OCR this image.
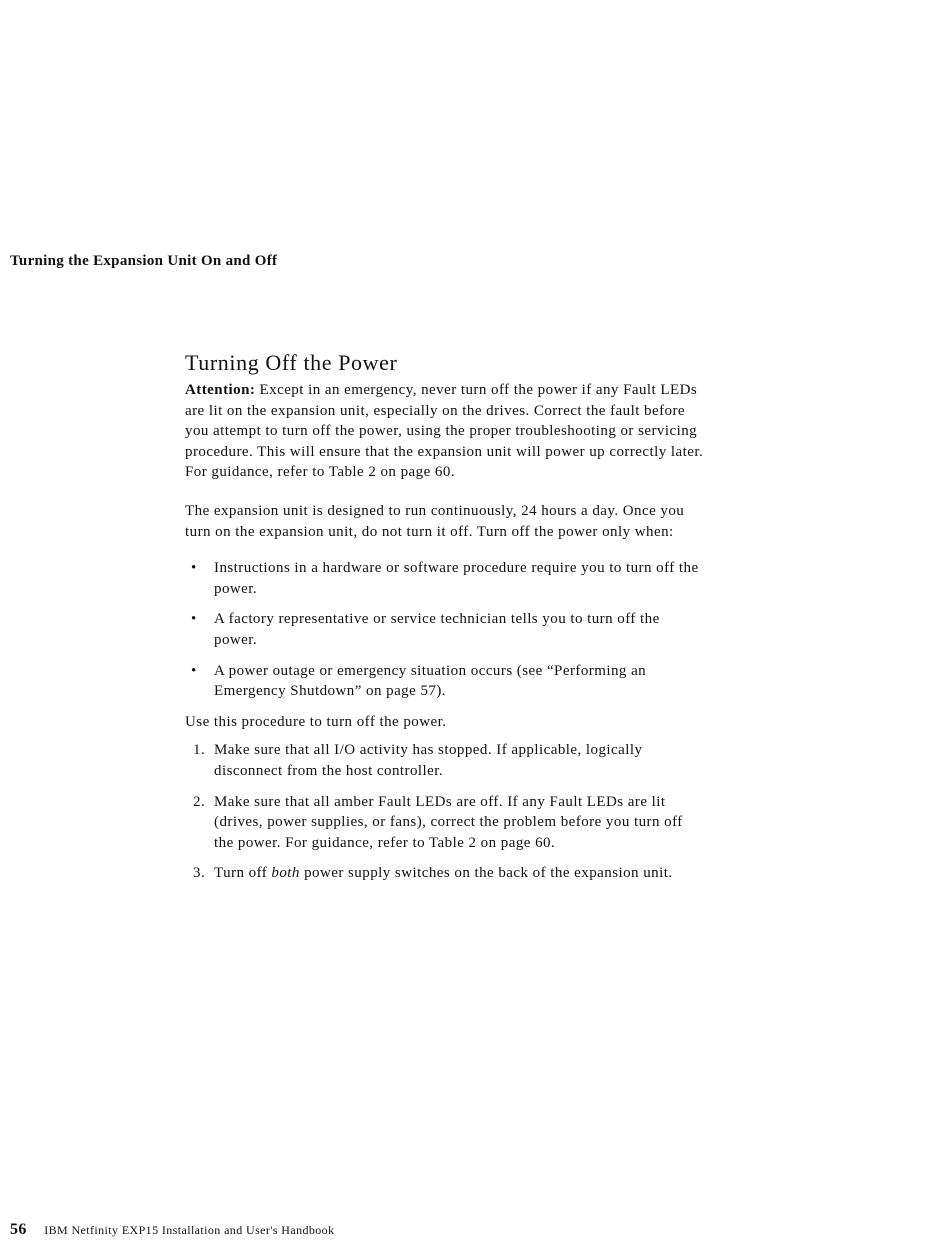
Turning the Expansion Unit On and Off
Turning Off the Power

Attention: Except in an emergency, never turn off the power if any Fault LEDs are lit on the expansion unit, especially on the drives. Correct the fault before you attempt to turn off the power, using the proper troubleshooting or servicing procedure. This will ensure that the expansion unit will power up correctly later. For guidance, refer to Table 2 on page 60.

The expansion unit is designed to run continuously, 24 hours a day. Once you turn on the expansion unit, do not turn it off. Turn off the power only when:

• Instructions in a hardware or software procedure require you to turn off the power.
• A factory representative or service technician tells you to turn off the power.
• A power outage or emergency situation occurs (see “Performing an Emergency Shutdown” on page 57).

Use this procedure to turn off the power.

1. Make sure that all I/O activity has stopped. If applicable, logically disconnect from the host controller.
2. Make sure that all amber Fault LEDs are off. If any Fault LEDs are lit (drives, power supplies, or fans), correct the problem before you turn off the power. For guidance, refer to Table 2 on page 60.
3. Turn off both power supply switches on the back of the expansion unit.
56 IBM Netfinity EXP15 Installation and User's Handbook
